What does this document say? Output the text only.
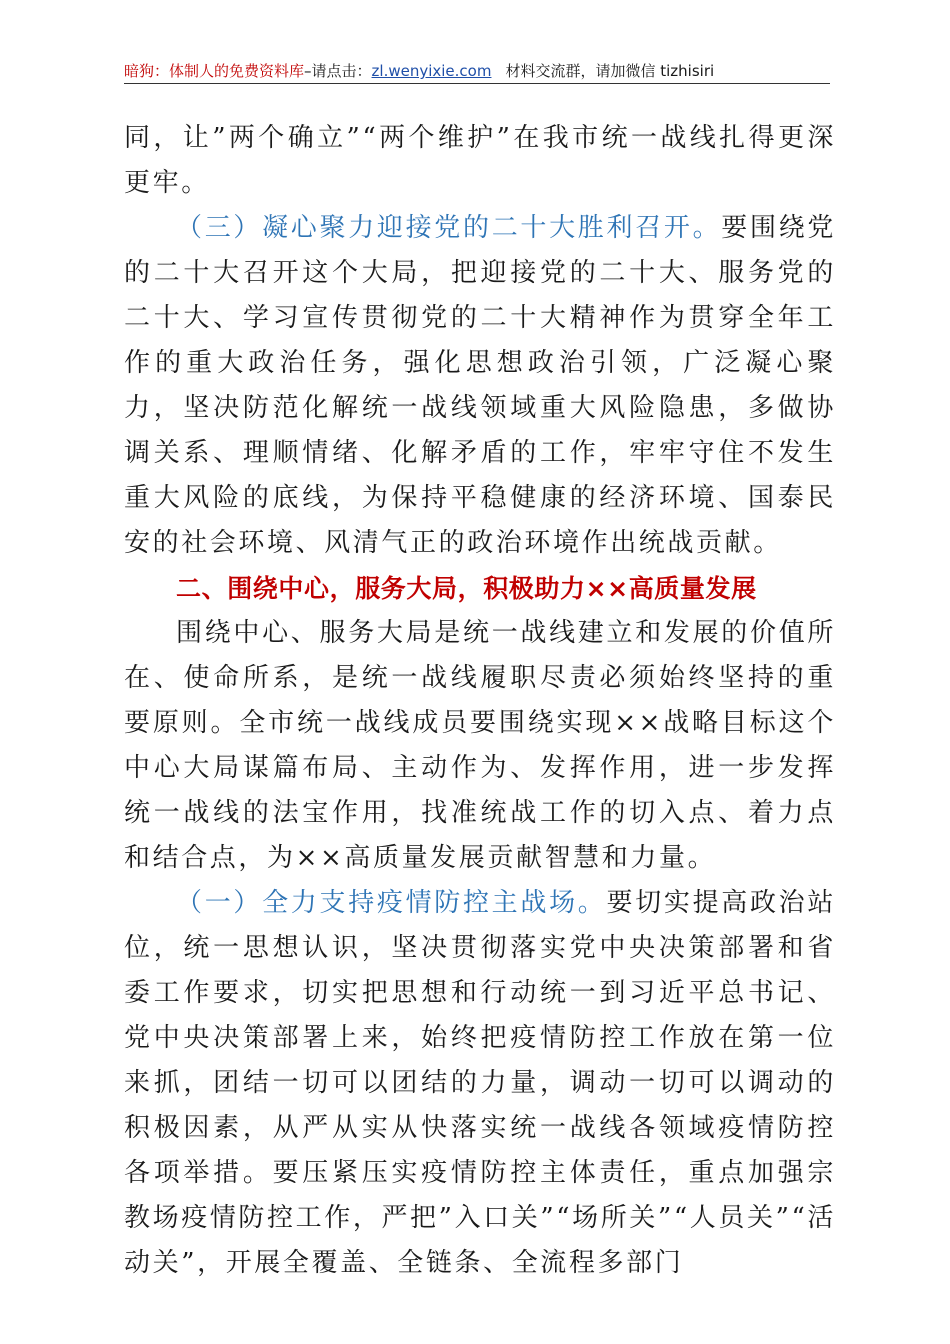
暗狗：体制人的免费资料库–请点击：zl.wenyixie.com 材料交流群，请加微信 tizhisiri

同，让”两个确立”“两个维护”在我市统一战线扎得更深更牢。

（三）凝心聚力迎接党的二十大胜利召开。要围绕党的二十大召开这个大局，把迎接党的二十大、服务党的二十大、学习宣传贯彻党的二十大精神作为贯穿全年工作的重大政治任务，强化思想政治引领，广泛凝心聚力，坚决防范化解统一战线领域重大风险隐患，多做协调关系、理顺情绪、化解矛盾的工作，牢牢守住不发生重大风险的底线，为保持平稳健康的经济环境、国泰民安的社会环境、风清气正的政治环境作出统战贡献。

二、围绕中心，服务大局，积极助力××高质量发展

围绕中心、服务大局是统一战线建立和发展的价值所在、使命所系，是统一战线履职尽责必须始终坚持的重要原则。全市统一战线成员要围绕实现××战略目标这个中心大局谋篇布局、主动作为、发挥作用，进一步发挥统一战线的法宝作用，找准统战工作的切入点、着力点和结合点，为××高质量发展贡献智慧和力量。

（一）全力支持疫情防控主战场。要切实提高政治站位，统一思想认识，坚决贯彻落实党中央决策部署和省委工作要求，切实把思想和行动统一到习近平总书记、党中央决策部署上来，始终把疫情防控工作放在第一位来抓，团结一切可以团结的力量，调动一切可以调动的积极因素，从严从实从快落实统一战线各领域疫情防控各项举措。要压紧压实疫情防控主体责任，重点加强宗教场疫情防控工作，严把”入口关”“场所关”“人员关”“活动关”，开展全覆盖、全链条、全流程多部门
